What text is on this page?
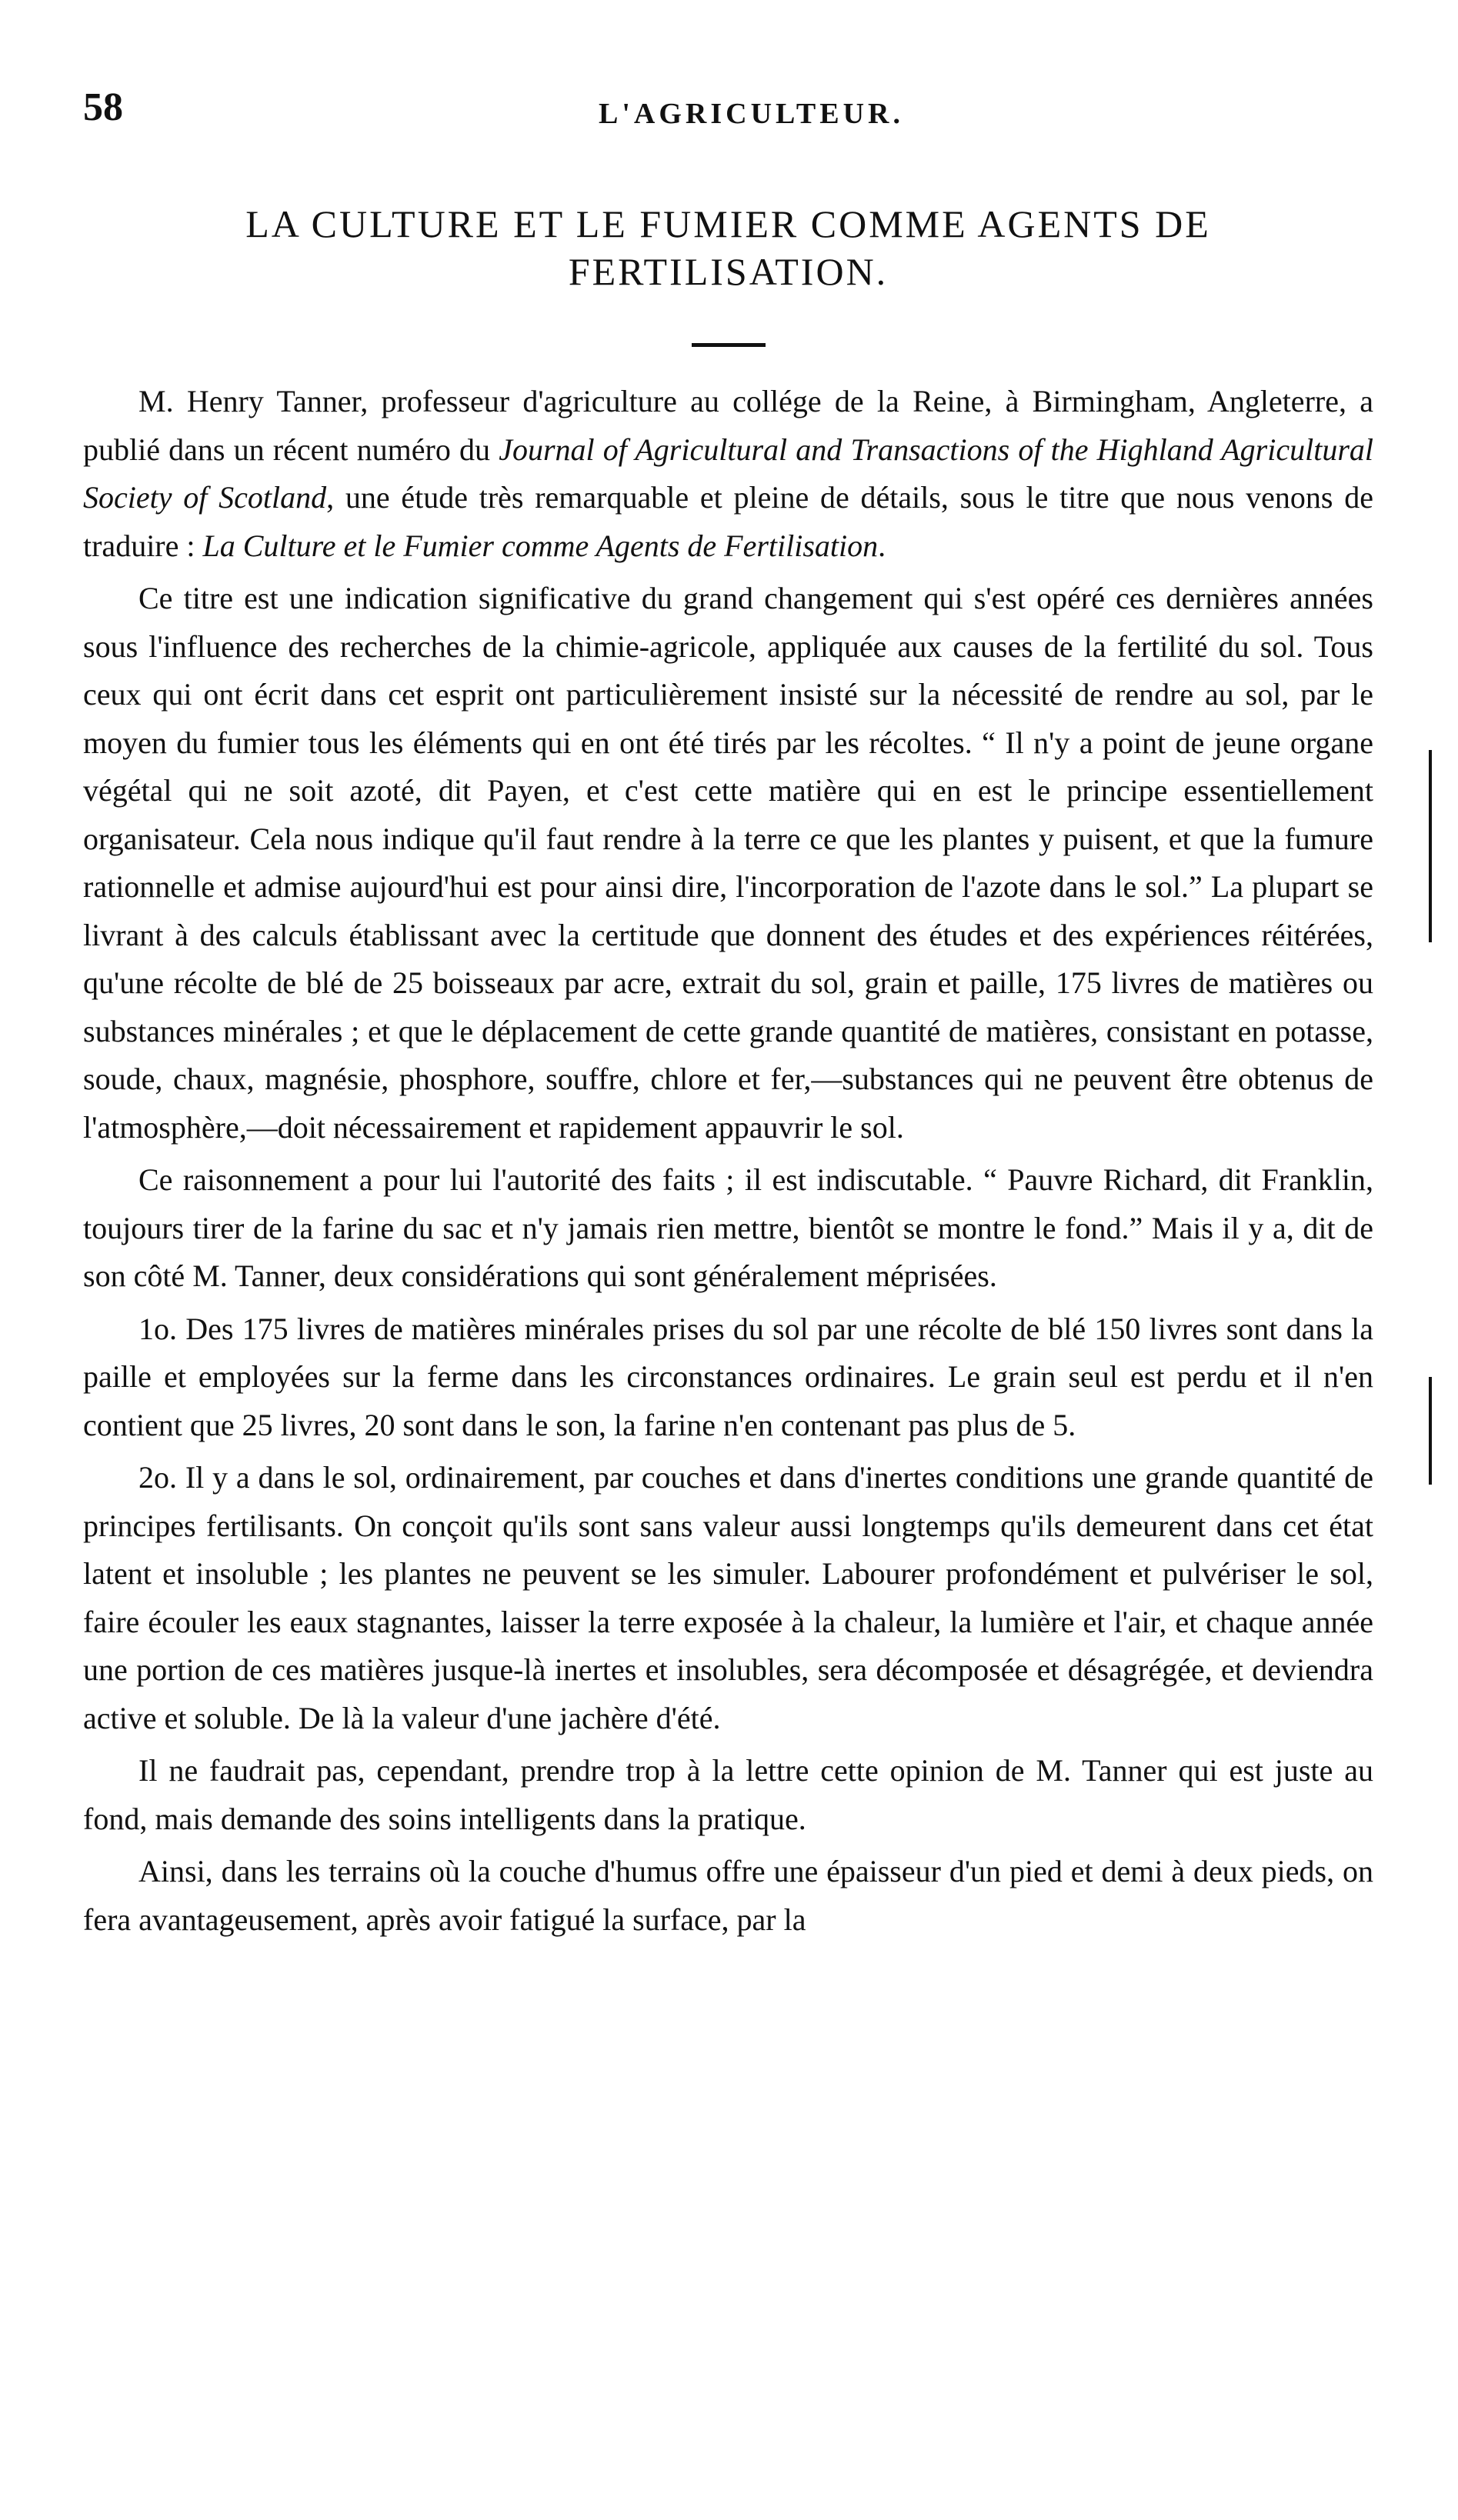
58	L'AGRICULTEUR.
LA CULTURE ET LE FUMIER COMME AGENTS DE FERTILISATION.

M. Henry Tanner, professeur d'agriculture au collége de la Reine, à Birmingham, Angleterre, a publié dans un récent numéro du Journal of Agricultural and Transactions of the Highland Agricultural Society of Scotland, une étude très remarquable et pleine de détails, sous le titre que nous venons de traduire : La Culture et le Fumier comme Agents de Fertilisation.

Ce titre est une indication significative du grand changement qui s'est opéré ces dernières années sous l'influence des recherches de la chimie-agricole, appliquée aux causes de la fertilité du sol. Tous ceux qui ont écrit dans cet esprit ont particulièrement insisté sur la nécessité de rendre au sol, par le moyen du fumier tous les éléments qui en ont été tirés par les récoltes. “ Il n'y a point de jeune organe végétal qui ne soit azoté, dit Payen, et c'est cette matière qui en est le principe essentiellement organisateur. Cela nous indique qu'il faut rendre à la terre ce que les plantes y puisent, et que la fumure rationnelle et admise aujourd'hui est pour ainsi dire, l'incorporation de l'azote dans le sol.” La plupart se livrant à des calculs établissant avec la certitude que donnent des études et des expériences réitérées, qu'une récolte de blé de 25 boisseaux par acre, extrait du sol, grain et paille, 175 livres de matières ou substances minérales ; et que le déplacement de cette grande quantité de matières, consistant en potasse, soude, chaux, magnésie, phosphore, souffre, chlore et fer,—substances qui ne peuvent être obtenus de l'atmosphère,—doit nécessairement et rapidement appauvrir le sol.

Ce raisonnement a pour lui l'autorité des faits ; il est indiscutable. “ Pauvre Richard, dit Franklin, toujours tirer de la farine du sac et n'y jamais rien mettre, bientôt se montre le fond.” Mais il y a, dit de son côté M. Tanner, deux considérations qui sont généralement méprisées.

1o. Des 175 livres de matières minérales prises du sol par une récolte de blé 150 livres sont dans la paille et employées sur la ferme dans les circonstances ordinaires. Le grain seul est perdu et il n'en contient que 25 livres, 20 sont dans le son, la farine n'en contenant pas plus de 5.

2o. Il y a dans le sol, ordinairement, par couches et dans d'inertes conditions une grande quantité de principes fertilisants. On conçoit qu'ils sont sans valeur aussi longtemps qu'ils demeurent dans cet état latent et insoluble ; les plantes ne peuvent se les simuler. Labourer profondément et pulvériser le sol, faire écouler les eaux stagnantes, laisser la terre exposée à la chaleur, la lumière et l'air, et chaque année une portion de ces matières jusque-là inertes et insolubles, sera décomposée et désagrégée, et deviendra active et soluble. De là la valeur d'une jachère d'été.

Il ne faudrait pas, cependant, prendre trop à la lettre cette opinion de M. Tanner qui est juste au fond, mais demande des soins intelligents dans la pratique.

Ainsi, dans les terrains où la couche d'humus offre une épaisseur d'un pied et demi à deux pieds, on fera avantageusement, après avoir fatigué la surface, par la
